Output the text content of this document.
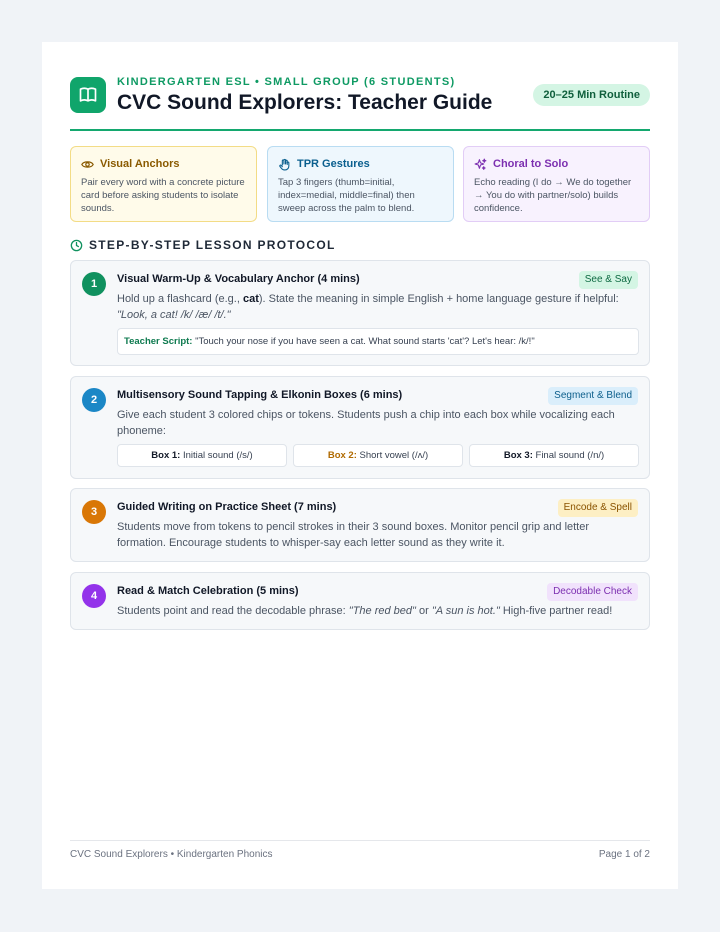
KINDERGARTEN ESL • SMALL GROUP (6 STUDENTS)
CVC Sound Explorers: Teacher Guide	20–25 Min Routine
Visual Anchors
Pair every word with a concrete picture card before asking students to isolate sounds.
TPR Gestures
Tap 3 fingers (thumb=initial, index=medial, middle=final) then sweep across the palm to blend.
Choral to Solo
Echo reading (I do → We do together → You do with partner/solo) builds confidence.
STEP-BY-STEP LESSON PROTOCOL
1	Visual Warm-Up & Vocabulary Anchor (4 mins)	See & Say
Hold up a flashcard (e.g., cat). State the meaning in simple English + home language gesture if helpful: "Look, a cat! /k/ /æ/ /t/."
Teacher Script: "Touch your nose if you have seen a cat. What sound starts 'cat'? Let's hear: /k/!"
2	Multisensory Sound Tapping & Elkonin Boxes (6 mins)	Segment & Blend
Give each student 3 colored chips or tokens. Students push a chip into each box while vocalizing each phoneme:
Box 1: Initial sound (/s/)	Box 2: Short vowel (/ʌ/)	Box 3: Final sound (/n/)
3	Guided Writing on Practice Sheet (7 mins)	Encode & Spell
Students move from tokens to pencil strokes in their 3 sound boxes. Monitor pencil grip and letter formation. Encourage students to whisper-say each letter sound as they write it.
4	Read & Match Celebration (5 mins)	Decodable Check
Students point and read the decodable phrase: "The red bed" or "A sun is hot." High-five partner read!
CVC Sound Explorers • Kindergarten Phonics	Page 1 of 2
